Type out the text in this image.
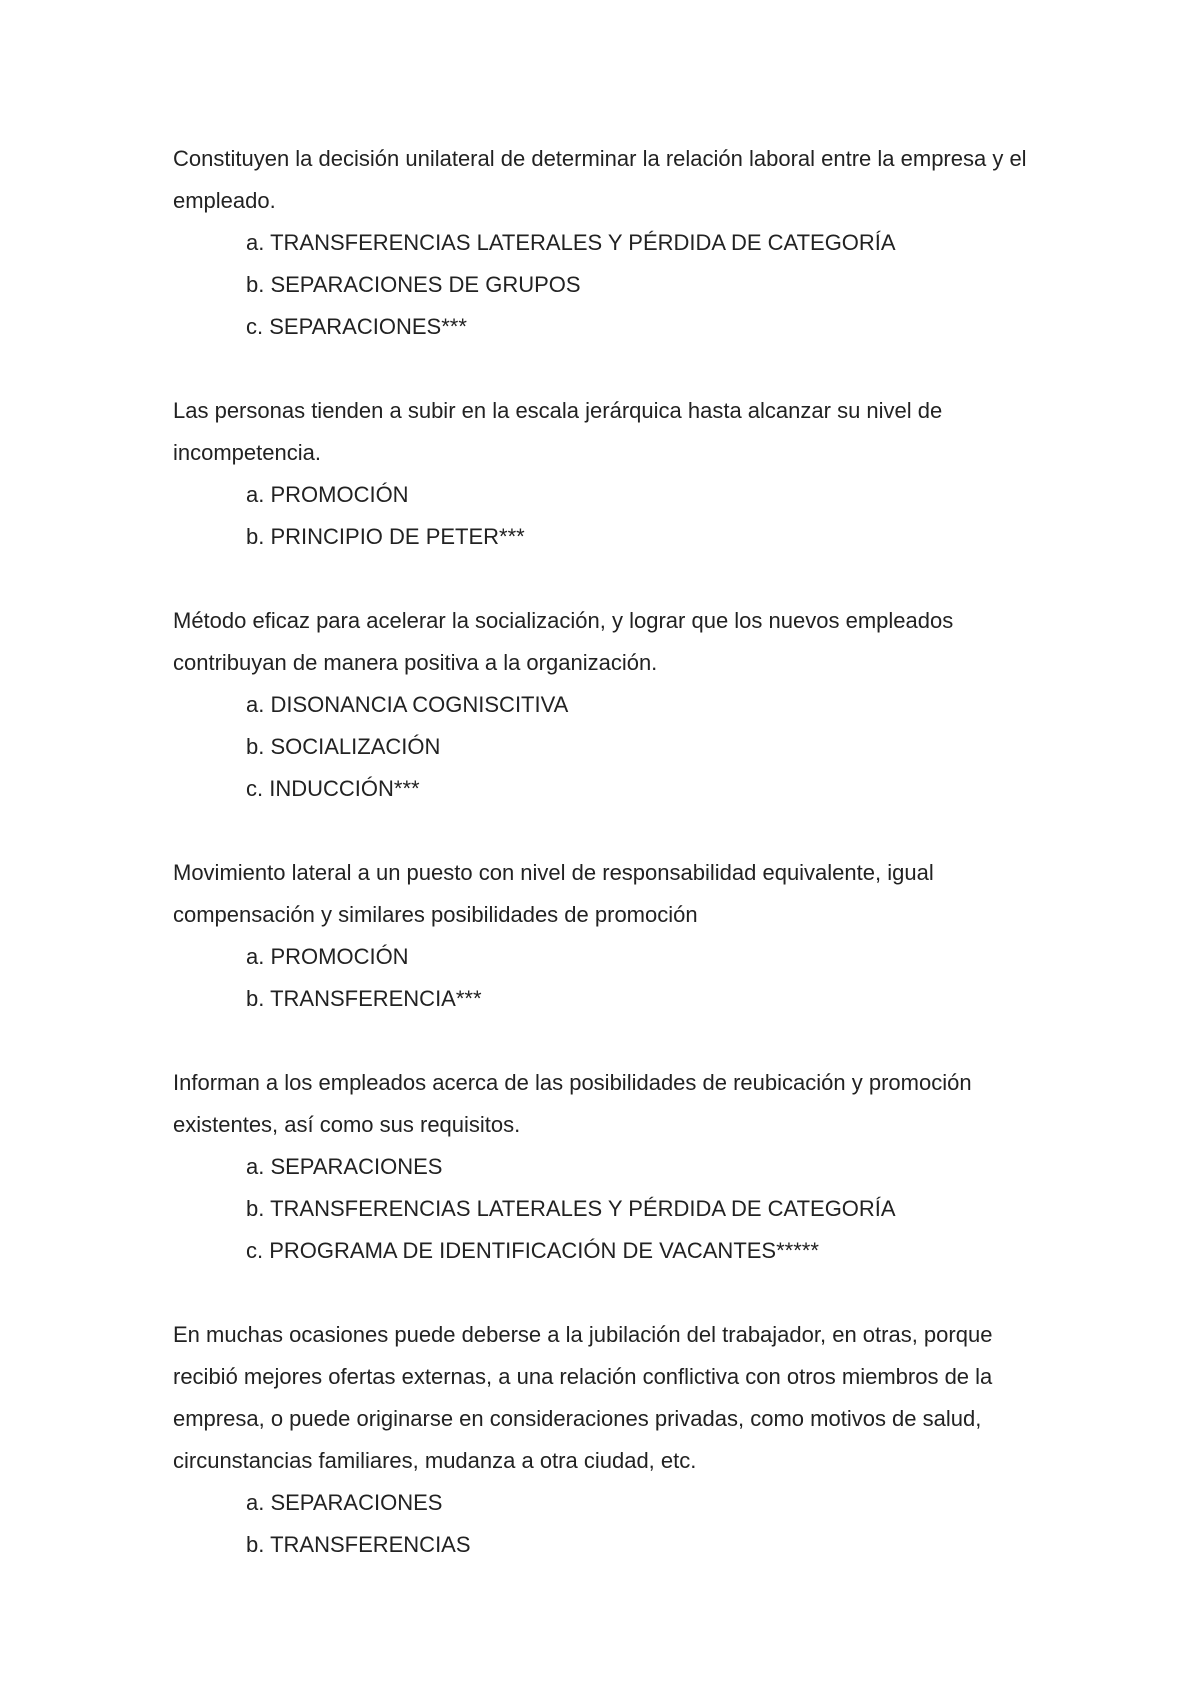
Constituyen la decisión unilateral de determinar la relación laboral entre la empresa y el empleado.

a. TRANSFERENCIAS LATERALES Y PÉRDIDA DE CATEGORÍA

b. SEPARACIONES DE GRUPOS

c. SEPARACIONES***

Las personas tienden a subir en la escala jerárquica hasta alcanzar su nivel de incompetencia.

a. PROMOCIÓN

b. PRINCIPIO DE PETER***

Método eficaz para acelerar la socialización, y lograr que los nuevos empleados contribuyan de manera positiva a la organización.

a. DISONANCIA COGNISCITIVA

b. SOCIALIZACIÓN

c. INDUCCIÓN***

Movimiento lateral a un puesto con nivel de responsabilidad equivalente, igual compensación y similares posibilidades de promoción

a. PROMOCIÓN

b. TRANSFERENCIA***

Informan a los empleados acerca de las posibilidades de reubicación y promoción existentes, así como sus requisitos.

a. SEPARACIONES

b. TRANSFERENCIAS LATERALES Y PÉRDIDA DE CATEGORÍA

c. PROGRAMA DE IDENTIFICACIÓN DE VACANTES*****

En muchas ocasiones puede deberse a la jubilación del trabajador, en otras, porque recibió mejores ofertas externas, a una relación conflictiva con otros miembros de la empresa, o puede originarse en consideraciones privadas, como motivos de salud, circunstancias familiares, mudanza a otra ciudad, etc.

a. SEPARACIONES

b. TRANSFERENCIAS
